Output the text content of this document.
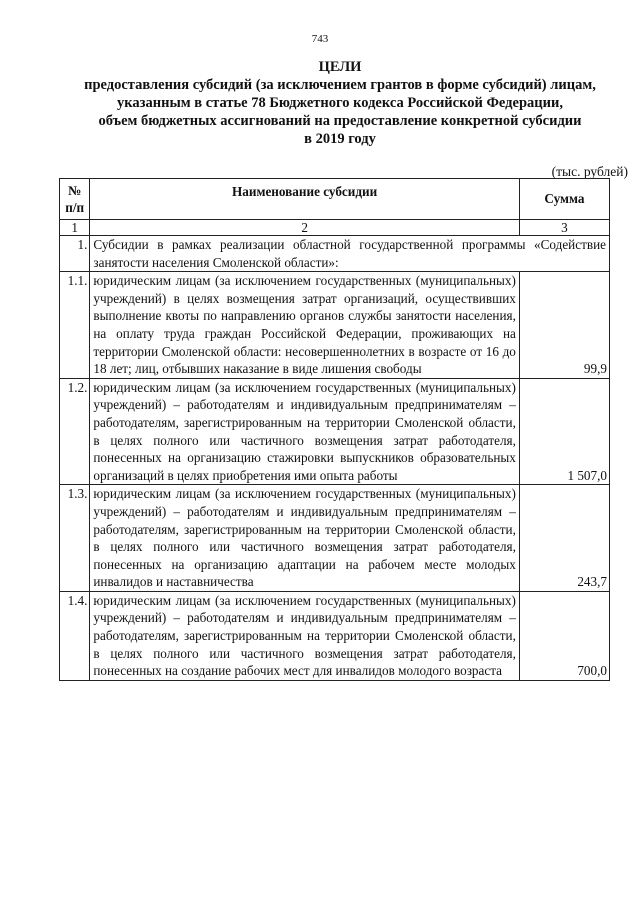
743
ЦЕЛИ
предоставления субсидий (за исключением грантов в форме субсидий) лицам,
указанным в статье 78 Бюджетного кодекса Российской Федерации,
объем бюджетных ассигнований на предоставление конкретной субсидии
в 2019 году
(тыс. рублей)
№
п/п	Наименование субсидии	Сумма
1	2	3
1.	Субсидии в рамках реализации областной государственной программы «Содействие занятости населения Смоленской области»:	
1.1.	юридическим лицам (за исключением государственных (муниципальных) учреждений) в целях возмещения затрат организаций, осуществивших выполнение квоты по направлению органов службы занятости населения, на оплату труда граждан Российской Федерации, проживающих на территории Смоленской области: несовершеннолетних в возрасте от 16 до 18 лет; лиц, отбывших наказание в виде лишения свободы	99,9
1.2.	юридическим лицам (за исключением государственных (муниципальных) учреждений) – работодателям и индивидуальным предпринимателям – работодателям, зарегистрированным на территории Смоленской области, в целях полного или частичного возмещения затрат работодателя, понесенных на организацию стажировки выпускников образовательных организаций в целях приобретения ими опыта работы	1 507,0
1.3.	юридическим лицам (за исключением государственных (муниципальных) учреждений) – работодателям и индивидуальным предпринимателям – работодателям, зарегистрированным на территории Смоленской области, в целях полного или частичного возмещения затрат работодателя, понесенных на организацию адаптации на рабочем месте молодых инвалидов и наставничества	243,7
1.4.	юридическим лицам (за исключением государственных (муниципальных) учреждений) – работодателям и индивидуальным предпринимателям – работодателям, зарегистрированным на территории Смоленской области, в целях полного или частичного возмещения затрат работодателя, понесенных на создание рабочих мест для инвалидов молодого возраста	700,0
